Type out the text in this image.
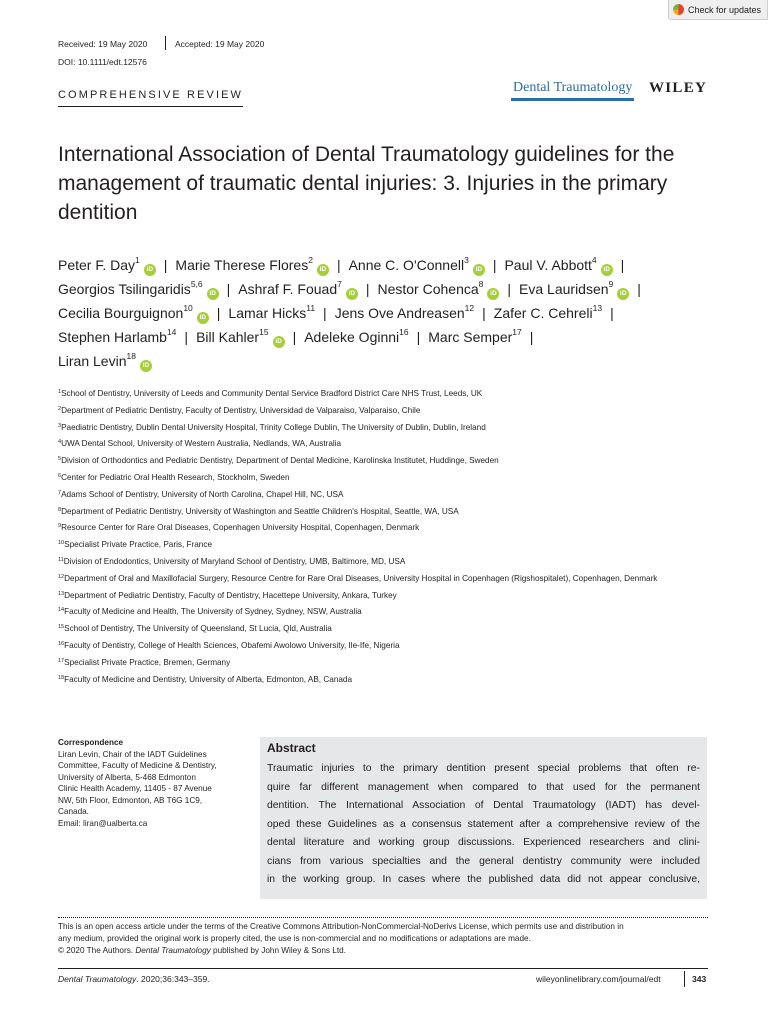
Check for updates
Received: 19 May 2020	Accepted: 19 May 2020
DOI: 10.1111/edt.12576
COMPREHENSIVE REVIEW	Dental Traumatology WILEY
International Association of Dental Traumatology guidelines for the management of traumatic dental injuries: 3. Injuries in the primary dentition
Peter F. Day$^1$iD | Marie Therese Flores$^2$iD | Anne C. O'Connell$^3$iD | Paul V. Abbott$^4$iD |
Georgios Tsilingaridis$^{5,6}$iD | Ashraf F. Fouad$^7$iD | Nestor Cohenca$^8$iD | Eva Lauridsen$^9$iD |
Cecilia Bourguignon$^{10}$iD | Lamar Hicks$^{11}$ | Jens Ove Andreasen$^{12}$ | Zafer C. Cehreli$^{13}$ |
Stephen Harlamb$^{14}$ | Bill Kahler$^{15}$iD | Adeleke Oginni$^{16}$ | Marc Semper$^{17}$ |
Liran Levin$^{18}$iD
$^1$School of Dentistry, University of Leeds and Community Dental Service Bradford District Care NHS Trust, Leeds, UK
$^2$Department of Pediatric Dentistry, Faculty of Dentistry, Universidad de Valparaiso, Valparaiso, Chile
$^3$Paediatric Dentistry, Dublin Dental University Hospital, Trinity College Dublin, The University of Dublin, Dublin, Ireland
$^4$UWA Dental School, University of Western Australia, Nedlands, WA, Australia
$^5$Division of Orthodontics and Pediatric Dentistry, Department of Dental Medicine, Karolinska Institutet, Huddinge, Sweden
$^6$Center for Pediatric Oral Health Research, Stockholm, Sweden
$^7$Adams School of Dentistry, University of North Carolina, Chapel Hill, NC, USA
$^8$Department of Pediatric Dentistry, University of Washington and Seattle Children's Hospital, Seattle, WA, USA
$^9$Resource Center for Rare Oral Diseases, Copenhagen University Hospital, Copenhagen, Denmark
$^{10}$Specialist Private Practice, Paris, France
$^{11}$Division of Endodontics, University of Maryland School of Dentistry, UMB, Baltimore, MD, USA
$^{12}$Department of Oral and Maxillofacial Surgery, Resource Centre for Rare Oral Diseases, University Hospital in Copenhagen (Rigshospitalet), Copenhagen, Denmark
$^{13}$Department of Pediatric Dentistry, Faculty of Dentistry, Hacettepe University, Ankara, Turkey
$^{14}$Faculty of Medicine and Health, The University of Sydney, Sydney, NSW, Australia
$^{15}$School of Dentistry, The University of Queensland, St Lucia, Qld, Australia
$^{16}$Faculty of Dentistry, College of Health Sciences, Obafemi Awolowo University, Ile-Ife, Nigeria
$^{17}$Specialist Private Practice, Bremen, Germany
$^{18}$Faculty of Medicine and Dentistry, University of Alberta, Edmonton, AB, Canada
Correspondence
Liran Levin, Chair of the IADT Guidelines
Committee, Faculty of Medicine & Dentistry,
University of Alberta, 5-468 Edmonton
Clinic Health Academy, 11405 - 87 Avenue
NW, 5th Floor, Edmonton, AB T6G 1C9,
Canada.
Email: liran@ualberta.ca
Abstract
Traumatic injuries to the primary dentition present special problems that often re-
quire far different management when compared to that used for the permanent
dentition. The International Association of Dental Traumatology (IADT) has devel-
oped these Guidelines as a consensus statement after a comprehensive review of the
dental literature and working group discussions. Experienced researchers and clini-
cians from various specialties and the general dentistry community were included
in the working group. In cases where the published data did not appear conclusive,
This is an open access article under the terms of the Creative Commons Attribution-NonCommercial-NoDerivs License, which permits use and distribution in
any medium, provided the original work is properly cited, the use is non-commercial and no modifications or adaptations are made.
© 2020 The Authors. Dental Traumatology published by John Wiley & Sons Ltd.
Dental Traumatology. 2020;36:343–359.	wileyonlinelibrary.com/journal/edt	343
